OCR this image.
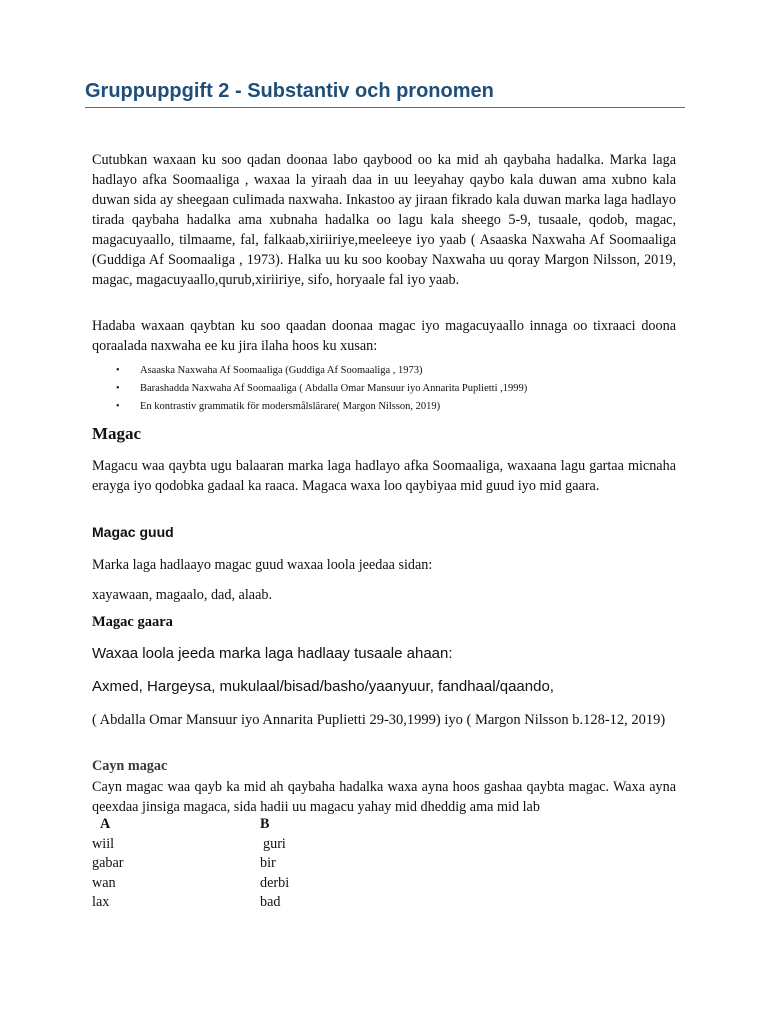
Gruppuppgift 2 - Substantiv och pronomen

Cutubkan waxaan ku soo qadan doonaa labo qaybood oo ka mid ah qaybaha hadalka. Marka laga hadlayo afka Soomaaliga , waxaa la yiraah daa in uu leeyahay qaybo kala duwan ama xubno kala duwan sida ay sheegaan culimada naxwaha. Inkastoo ay jiraan fikrado kala duwan marka laga hadlayo tirada qaybaha hadalka ama xubnaha hadalka oo lagu kala sheego 5-9, tusaale, qodob, magac, magacuyaallo, tilmaame, fal, falkaab,xiriiriye,meeleeye iyo yaab ( Asaaska Naxwaha Af Soomaaliga (Guddiga Af Soomaaliga , 1973). Halka uu ku soo koobay Naxwaha uu qoray Margon Nilsson, 2019, magac, magacuyaallo,qurub,xiriiriye, sifo, horyaale fal iyo yaab.

Hadaba waxaan qaybtan ku soo qaadan doonaa magac iyo magacuyaallo innaga oo tixraaci doona qoraalada naxwaha ee ku jira ilaha hoos ku xusan:

• Asaaska Naxwaha Af Soomaaliga (Guddiga Af Soomaaliga , 1973)
• Barashadda Naxwaha Af Soomaaliga ( Abdalla Omar Mansuur iyo Annarita Puplietti ,1999)
• En kontrastiv grammatik för modersmålslärare( Margon Nilsson, 2019)
Magac

Magacu waa qaybta ugu balaaran marka laga hadlayo afka Soomaaliga, waxaana lagu gartaa micnaha erayga iyo qodobka gadaal ka raaca. Magaca waxa loo qaybiyaa mid guud iyo mid gaara.

Magac guud

Marka laga hadlaayo magac guud waxaa loola jeedaa sidan:

xayawaan, magaalo, dad, alaab.

Magac gaara

Waxaa loola jeeda marka laga hadlaay tusaale ahaan:

Axmed, Hargeysa, mukulaal/bisad/basho/yaanyuur, fandhaal/qaando,

( Abdalla Omar Mansuur iyo Annarita Puplietti 29-30,1999) iyo ( Margon Nilsson b.128-12, 2019)

Cayn magac

Cayn magac waa qayb ka mid ah qaybaha hadalka waxa ayna hoos gashaa qaybta magac. Waxa ayna qeexdaa jinsiga magaca, sida hadii uu magacu yahay mid dheddig ama mid lab

A	B
wiil	guri
gabar	bir
wan	derbi
lax	bad
